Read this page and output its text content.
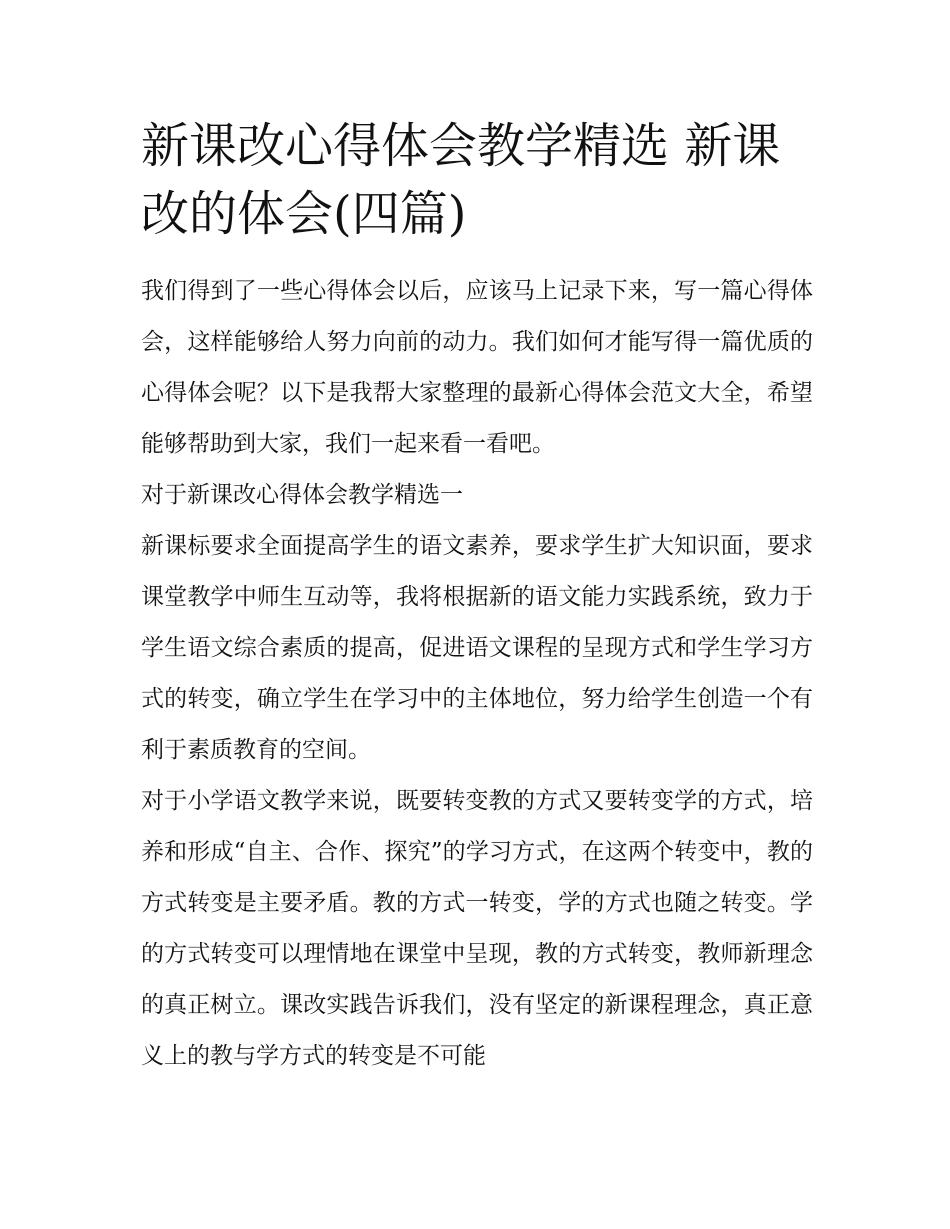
新课改心得体会教学精选 新课改的体会(四篇)

我们得到了一些心得体会以后，应该马上记录下来，写一篇心得体会，这样能够给人努力向前的动力。我们如何才能写得一篇优质的心得体会呢？以下是我帮大家整理的最新心得体会范文大全，希望能够帮助到大家，我们一起来看一看吧。

对于新课改心得体会教学精选一

新课标要求全面提高学生的语文素养，要求学生扩大知识面，要求课堂教学中师生互动等，我将根据新的语文能力实践系统，致力于学生语文综合素质的提高，促进语文课程的呈现方式和学生学习方式的转变，确立学生在学习中的主体地位，努力给学生创造一个有利于素质教育的空间。

对于小学语文教学来说，既要转变教的方式又要转变学的方式，培养和形成“自主、合作、探究”的学习方式，在这两个转变中，教的方式转变是主要矛盾。教的方式一转变，学的方式也随之转变。学的方式转变可以理情地在课堂中呈现，教的方式转变，教师新理念的真正树立。课改实践告诉我们，没有坚定的新课程理念，真正意义上的教与学方式的转变是不可能
